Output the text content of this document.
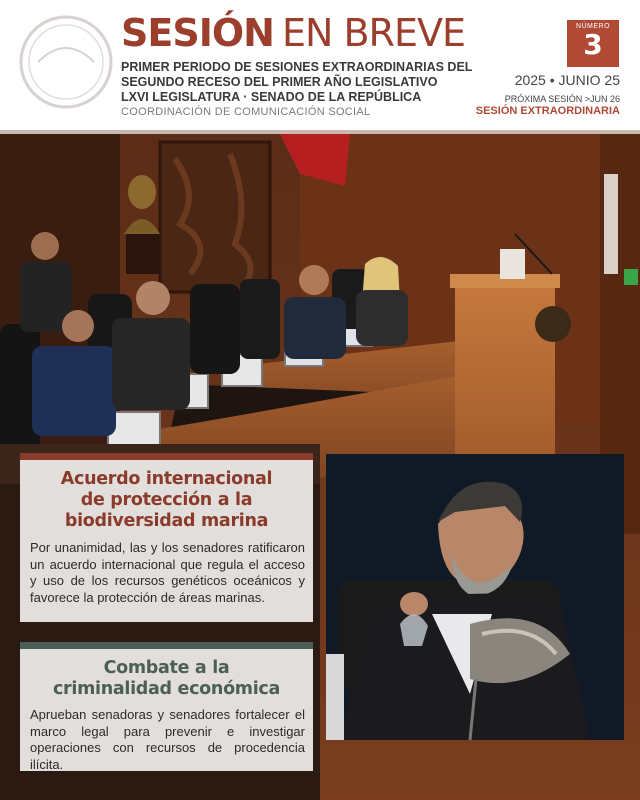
SESIÓN EN BREVE
PRIMER PERIODO DE SESIONES EXTRAORDINARIAS DEL
SEGUNDO RECESO DEL PRIMER AÑO LEGISLATIVO
LXVI LEGISLATURA · SENADO DE LA REPÚBLICA
COORDINACIÓN DE COMUNICACIÓN SOCIAL
NÚMERO
3
2025 • JUNIO 25
PRÓXIMA SESIÓN >JUN 26
SESIÓN EXTRAORDINARIA
Acuerdo internacional
de protección a la
biodiversidad marina

Por unanimidad, las y los senadores ratificaron un acuerdo internacional que regula el acceso y uso de los recursos genéticos oceánicos y favorece la protección de áreas marinas.

Combate a la
criminalidad económica

Aprueban senadoras y senadores fortalecer el marco legal para prevenir e investigar operaciones con recursos de procedencia ilícita.
